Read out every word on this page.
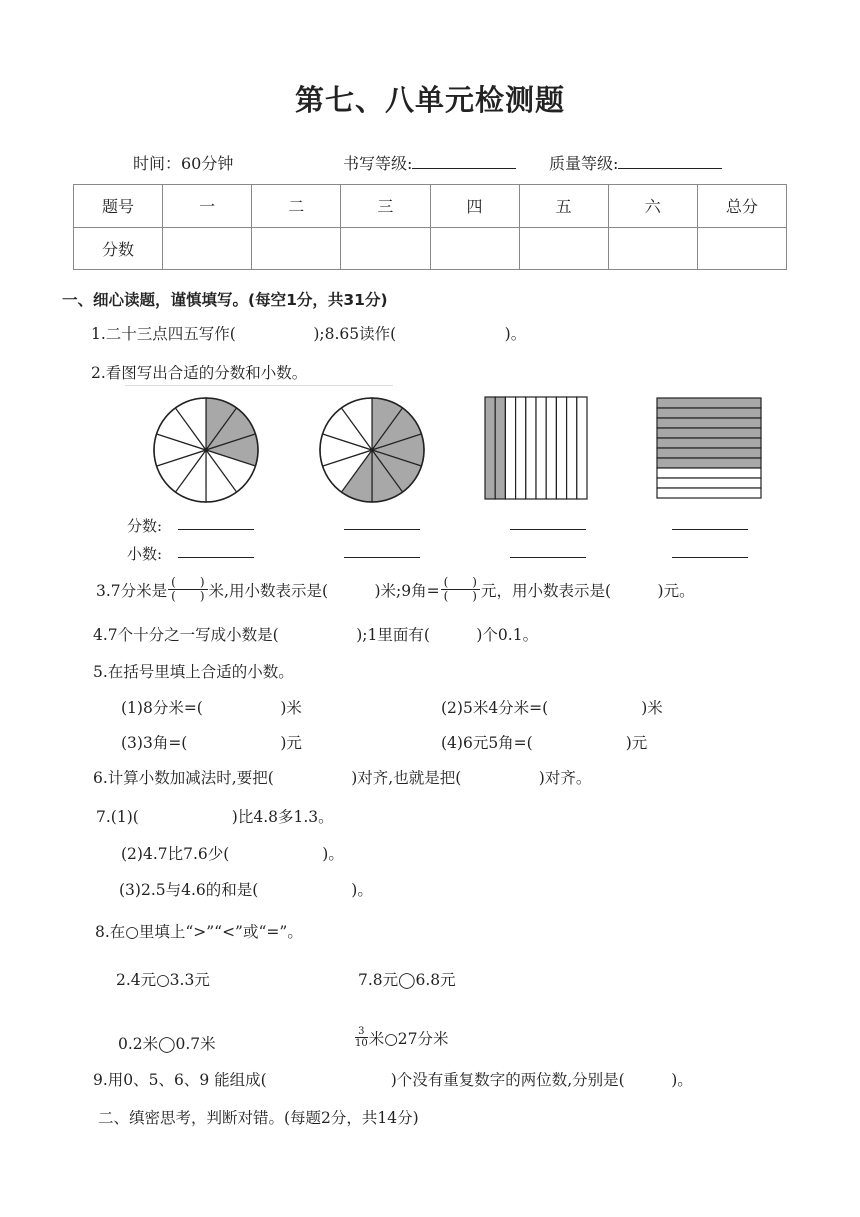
第七、八单元检测题
时间：60分钟	书写等级:	质量等级:
题号	一	二	三	四	五	六	总分
分数							
一、细心读题，谨慎填写。(每空1分，共31分)
1.二十三点四五写作(　　　　　);8.65读作(　　　　　　　)。
2.看图写出合适的分数和小数。
分数:
小数:
3.7分米是 $\frac{( )}{( )}$ 米,用小数表示是(　　　)米;9角= $\frac{( )}{( )}$ 元，用小数表示是(　　　)元。
4.7个十分之一写成小数是(　　　　　);1里面有(　　　)个0.1。
5.在括号里填上合适的小数。
(1)8分米=(　　　　　)米	(2)5米4分米=(　　　　　　)米
(3)3角=(　　　　　　)元	(4)6元5角=(　　　　　　)元
6.计算小数加减法时,要把(　　　　　)对齐,也就是把(　　　　　)对齐。
7.(1)(　　　　　　)比4.8多1.3。
(2)4.7比7.6少(　　　　　　)。
(3)2.5与4.6的和是(　　　　　　)。
8.在○里填上“>”“<”或“=”。
2.4元○3.3元	7.8元◯6.8元
0.2米◯0.7米	$\frac{3}{10}$ 米○27分米
9.用0、5、6、9 能组成(　　　　　　　　)个没有重复数字的两位数,分别是(　　　)。
二、缜密思考，判断对错。(每题2分，共14分)
